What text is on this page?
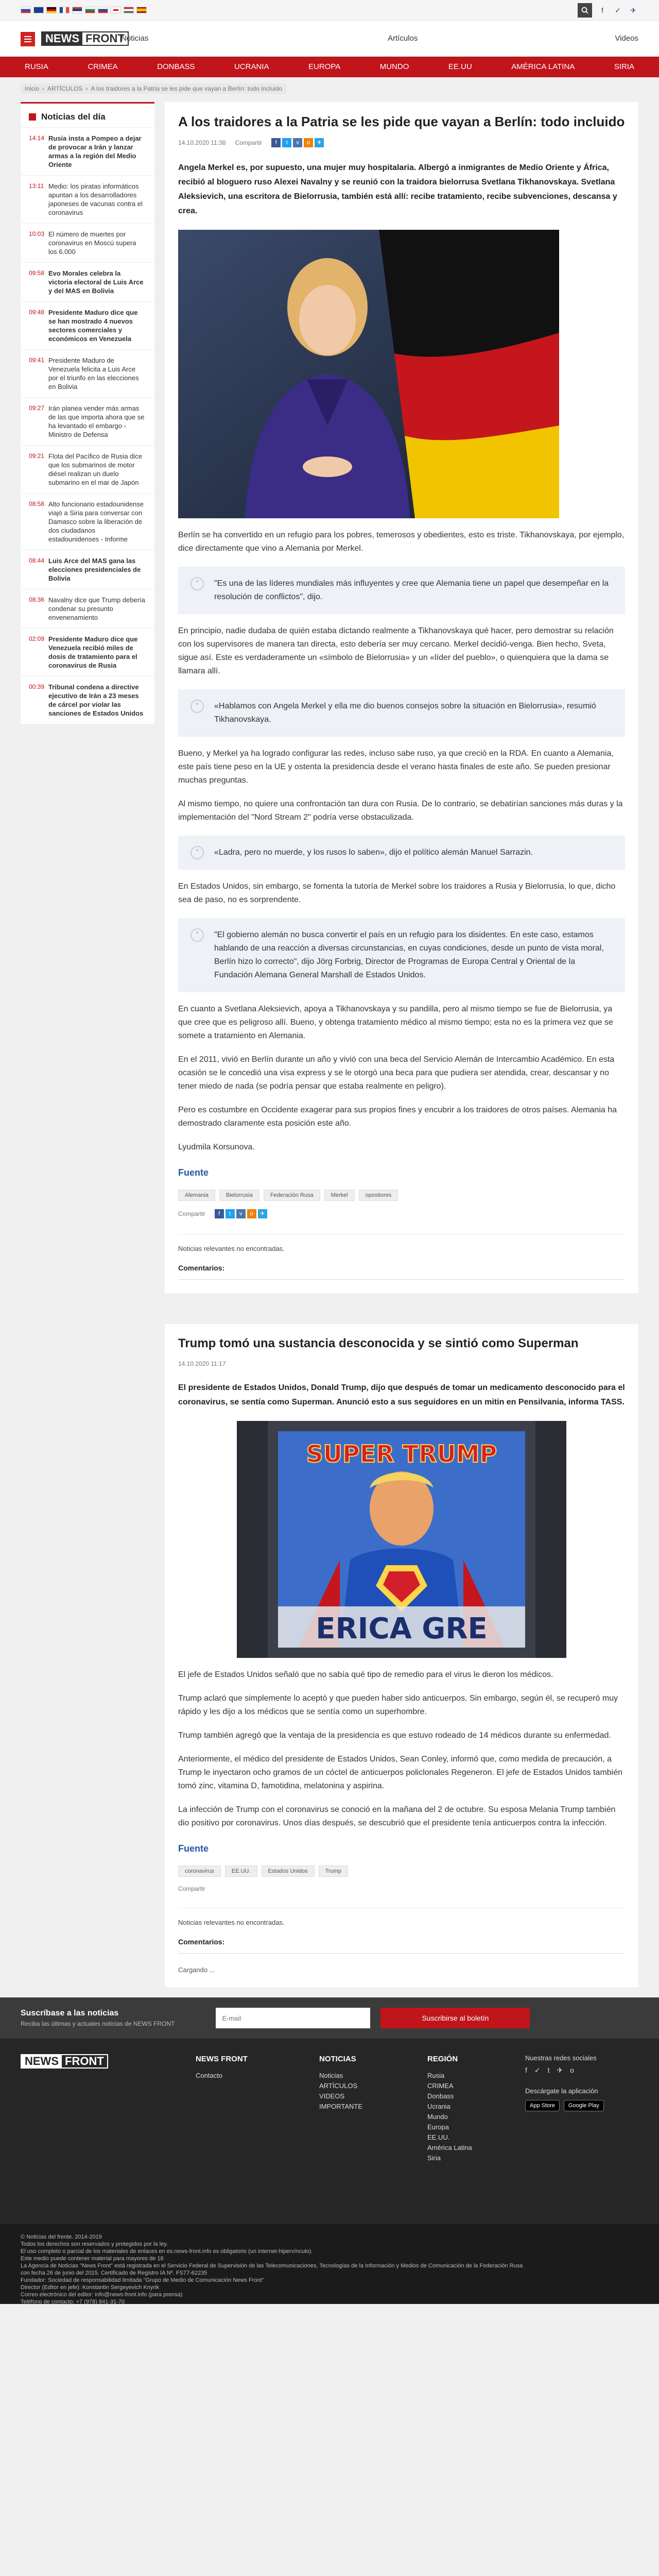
f	✓ ✈
NEWS FRONT
Noticias	Artículos	Videos
RUSIA	CRIMEA	DONBASS	UCRANIA	EUROPA	MUNDO	EE.UU	AMÉRICA LATINA	SIRIA
Inicio › ARTÍCULOS › A los traidores a la Patria se les pide que vayan a Berlín: todo incluido
Noticias del día
14:14 Rusia insta a Pompeo a dejar de provocar a Irán y lanzar armas a la región del Medio Oriente
13:11 Medio: los piratas informáticos apuntan a los desarrolladores japoneses de vacunas contra el coronavirus
10:03 El número de muertes por coronavirus en Moscú supera los 6.000
09:58 Evo Morales celebra la victoria electoral de Luis Arce y del MAS en Bolivia
09:48 Presidente Maduro dice que se han mostrado 4 nuevos sectores comerciales y económicos en Venezuela
09:41 Presidente Maduro de Venezuela felicita a Luis Arce por el triunfo en las elecciones en Bolivia
09:27 Irán planea vender más armas de las que importa ahora que se ha levantado el embargo - Ministro de Defensa
09:21 Flota del Pacífico de Rusia dice que los submarinos de motor diésel realizan un duelo submarino en el mar de Japón
08:58 Alto funcionario estadounidense viajó a Siria para conversar con Damasco sobre la liberación de dos ciudadanos estadounidenses - Informe
08:44 Luis Arce del MAS gana las elecciones presidenciales de Bolivia
08:36 Navalny dice que Trump debería condenar su presunto envenenamiento
02:09 Presidente Maduro dice que Venezuela recibió miles de dosis de tratamiento para el coronavirus de Rusia
00:39 Tribunal condena a directive ejecutivo de Irán a 23 meses de cárcel por violar las sanciones de Estados Unidos
A los traidores a la Patria se les pide que vayan a Berlín: todo incluido
14.10.2020 11:38 Compartir	f	t	v	o	✈

Angela Merkel es, por supuesto, una mujer muy hospitalaria. Albergó a inmigrantes de Medio Oriente y África, recibió al bloguero ruso Alexei Navalny y se reunió con la traidora bielorrusa Svetlana Tikhanovskaya. Svetlana Aleksievich, una escritora de Bielorrusia, también está allí: recibe tratamiento, recibe subvenciones, descansa y crea.

Berlín se ha convertido en un refugio para los pobres, temerosos y obedientes, esto es triste. Tikhanovskaya, por ejemplo, dice directamente que vino a Alemania por Merkel.

“	"Es una de las líderes mundiales más influyentes y cree que Alemania tiene un papel que desempeñar en la resolución de conflictos", dijo.

En principio, nadie dudaba de quién estaba dictando realmente a Tikhanovskaya qué hacer, pero demostrar su relación con los supervisores de manera tan directa, esto debería ser muy cercano. Merkel decidió-venga. Bien hecho, Sveta, sigue así. Este es verdaderamente un «símbolo de Bielorrusia» y un «líder del pueblo», o quienquiera que la dama se llamara allí.

“	«Hablamos con Angela Merkel y ella me dio buenos consejos sobre la situación en Bielorrusia», resumió Tikhanovskaya.

Bueno, y Merkel ya ha logrado configurar las redes, incluso sabe ruso, ya que creció en la RDA. En cuanto a Alemania, este país tiene peso en la UE y ostenta la presidencia desde el verano hasta finales de este año. Se pueden presionar muchas preguntas.

Al mismo tiempo, no quiere una confrontación tan dura con Rusia. De lo contrario, se debatirían sanciones más duras y la implementación del "Nord Stream 2" podría verse obstaculizada.

“	«Ladra, pero no muerde, y los rusos lo saben», dijo el político alemán Manuel Sarrazin.

En Estados Unidos, sin embargo, se fomenta la tutoría de Merkel sobre los traidores a Rusia y Bielorrusia, lo que, dicho sea de paso, no es sorprendente.

“	"El gobierno alemán no busca convertir el país en un refugio para los disidentes. En este caso, estamos hablando de una reacción a diversas circunstancias, en cuyas condiciones, desde un punto de vista moral, Berlín hizo lo correcto", dijo Jörg Forbrig, Director de Programas de Europa Central y Oriental de la Fundación Alemana General Marshall de Estados Unidos.

En cuanto a Svetlana Aleksievich, apoya a Tikhanovskaya y su pandilla, pero al mismo tiempo se fue de Bielorrusia, ya que cree que es peligroso allí. Bueno, y obtenga tratamiento médico al mismo tiempo; esta no es la primera vez que se somete a tratamiento en Alemania.

En el 2011, vivió en Berlín durante un año y vivió con una beca del Servicio Alemán de Intercambio Académico. En esta ocasión se le concedió una visa express y se le otorgó una beca para que pudiera ser atendida, crear, descansar y no tener miedo de nada (se podría pensar que estaba realmente en peligro).

Pero es costumbre en Occidente exagerar para sus propios fines y encubrir a los traidores de otros países. Alemania ha demostrado claramente esta posición este año.

Lyudmila Korsunova.

Fuente
Alemania	Bielorrusia	Federación Rusa	Merkel	opositores
Compartir	f	t	v	o	✈

Noticias relevantes no encontradas.

Comentarios:

Trump tomó una sustancia desconocida y se sintió como Superman
14.10.2020 11:17

El presidente de Estados Unidos, Donald Trump, dijo que después de tomar un medicamento desconocido para el coronavirus, se sentía como Superman. Anunció esto a sus seguidores en un mitin en Pensilvania, informa TASS.

SUPER TRUMP
ERICA GRE

El jefe de Estados Unidos señaló que no sabía qué tipo de remedio para el virus le dieron los médicos.

Trump aclaró que simplemente lo aceptó y que pueden haber sido anticuerpos. Sin embargo, según él, se recuperó muy rápido y les dijo a los médicos que se sentía como un superhombre.

Trump también agregó que la ventaja de la presidencia es que estuvo rodeado de 14 médicos durante su enfermedad.

Anteriormente, el médico del presidente de Estados Unidos, Sean Conley, informó que, como medida de precaución, a Trump le inyectaron ocho gramos de un cóctel de anticuerpos policlonales Regeneron. El jefe de Estados Unidos también tomó zinc, vitamina D, famotidina, melatonina y aspirina.

La infección de Trump con el coronavirus se conoció en la mañana del 2 de octubre. Su esposa Melania Trump también dio positivo por coronavirus. Unos días después, se descubrió que el presidente tenía anticuerpos contra la infección.

Fuente
coronavirus	EE.UU.	Estados Unidos	Trump
Compartir

Noticias relevantes no encontradas.

Comentarios:

Cargando ...

Suscríbase a las noticias

Reciba las últimas y actuales noticias de NEWS FRONT

E-mail
Suscribirse al boletín
NEWS FRONT	NEWS FRONT
Contacto
NOTICIAS
Noticias
ARTÍCULOS
VIDEOS
IMPORTANTE
REGIÓN
Rusia
CRIMEA
Donbass
Ucrania
Mundo
Europa
EE.UU.
América Latina
Siria

Nuestras redes sociales

f ✓ t ✈ o

Descárgate la aplicación

App Store	Google Play

© Noticias del frente. 2014-2019

Todos los derechos son reservados y protegidos por la ley.

El uso completo o parcial de los materiales de enlaces en es.news-front.info es obligatorio (un internet-hipervínculo).

Este medio puede contener material para mayores de 18

La Agencia de Noticias "News Front" está registrada en el Servicio Federal de Supervisión de las Telecomunicaciones, Tecnologías de la Información y Medios de Comunicación de la Federación Rusa

con fecha 26 de junio del 2015. Certificado de Registro IA Nº. FS77-62235

Fundador: Sociedad de responsabilidad limitada "Grupo de Medio de Comunicación News Front"

Director (Editor en jefe): Konstantin Sergeyevich Knyrik

Correo electrónico del editor: info@news-front.info (para prensa)

Teléfono de contacto: +7 (978) 841-31-70
